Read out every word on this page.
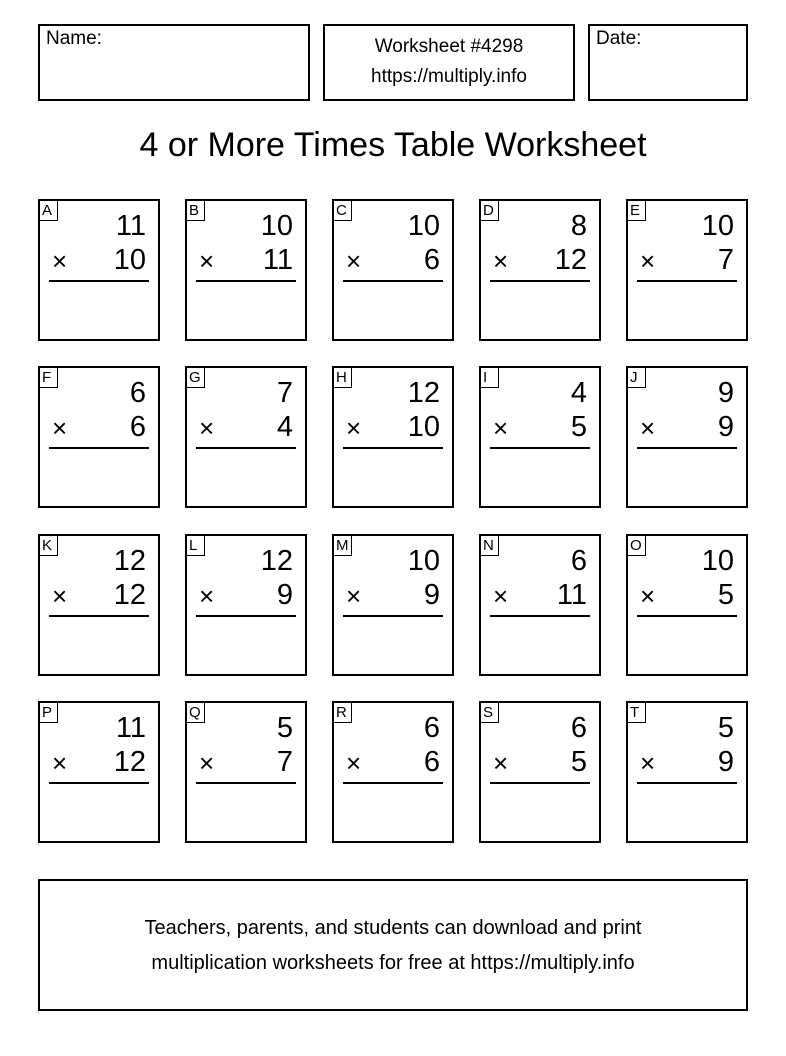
Name:	Worksheet #4298
https://multiply.info
Date:
4 or More Times Table Worksheet
A 11
× 10
B 10
× 11
C 10
× 6
D	8
× 12
E 10
× 7
F	6
× 6
G	7
× 4
H 12
× 10
I	4
× 5
J	9
× 9
K 12
× 12
L 12
× 9
M 10
× 9
N	6
× 11
O 10
× 5
P 11
× 12
Q	5
× 7
R	6
× 6
S	6
× 5
T	5
× 9
Teachers, parents, and students can download and print
multiplication worksheets for free at https://multiply.info
